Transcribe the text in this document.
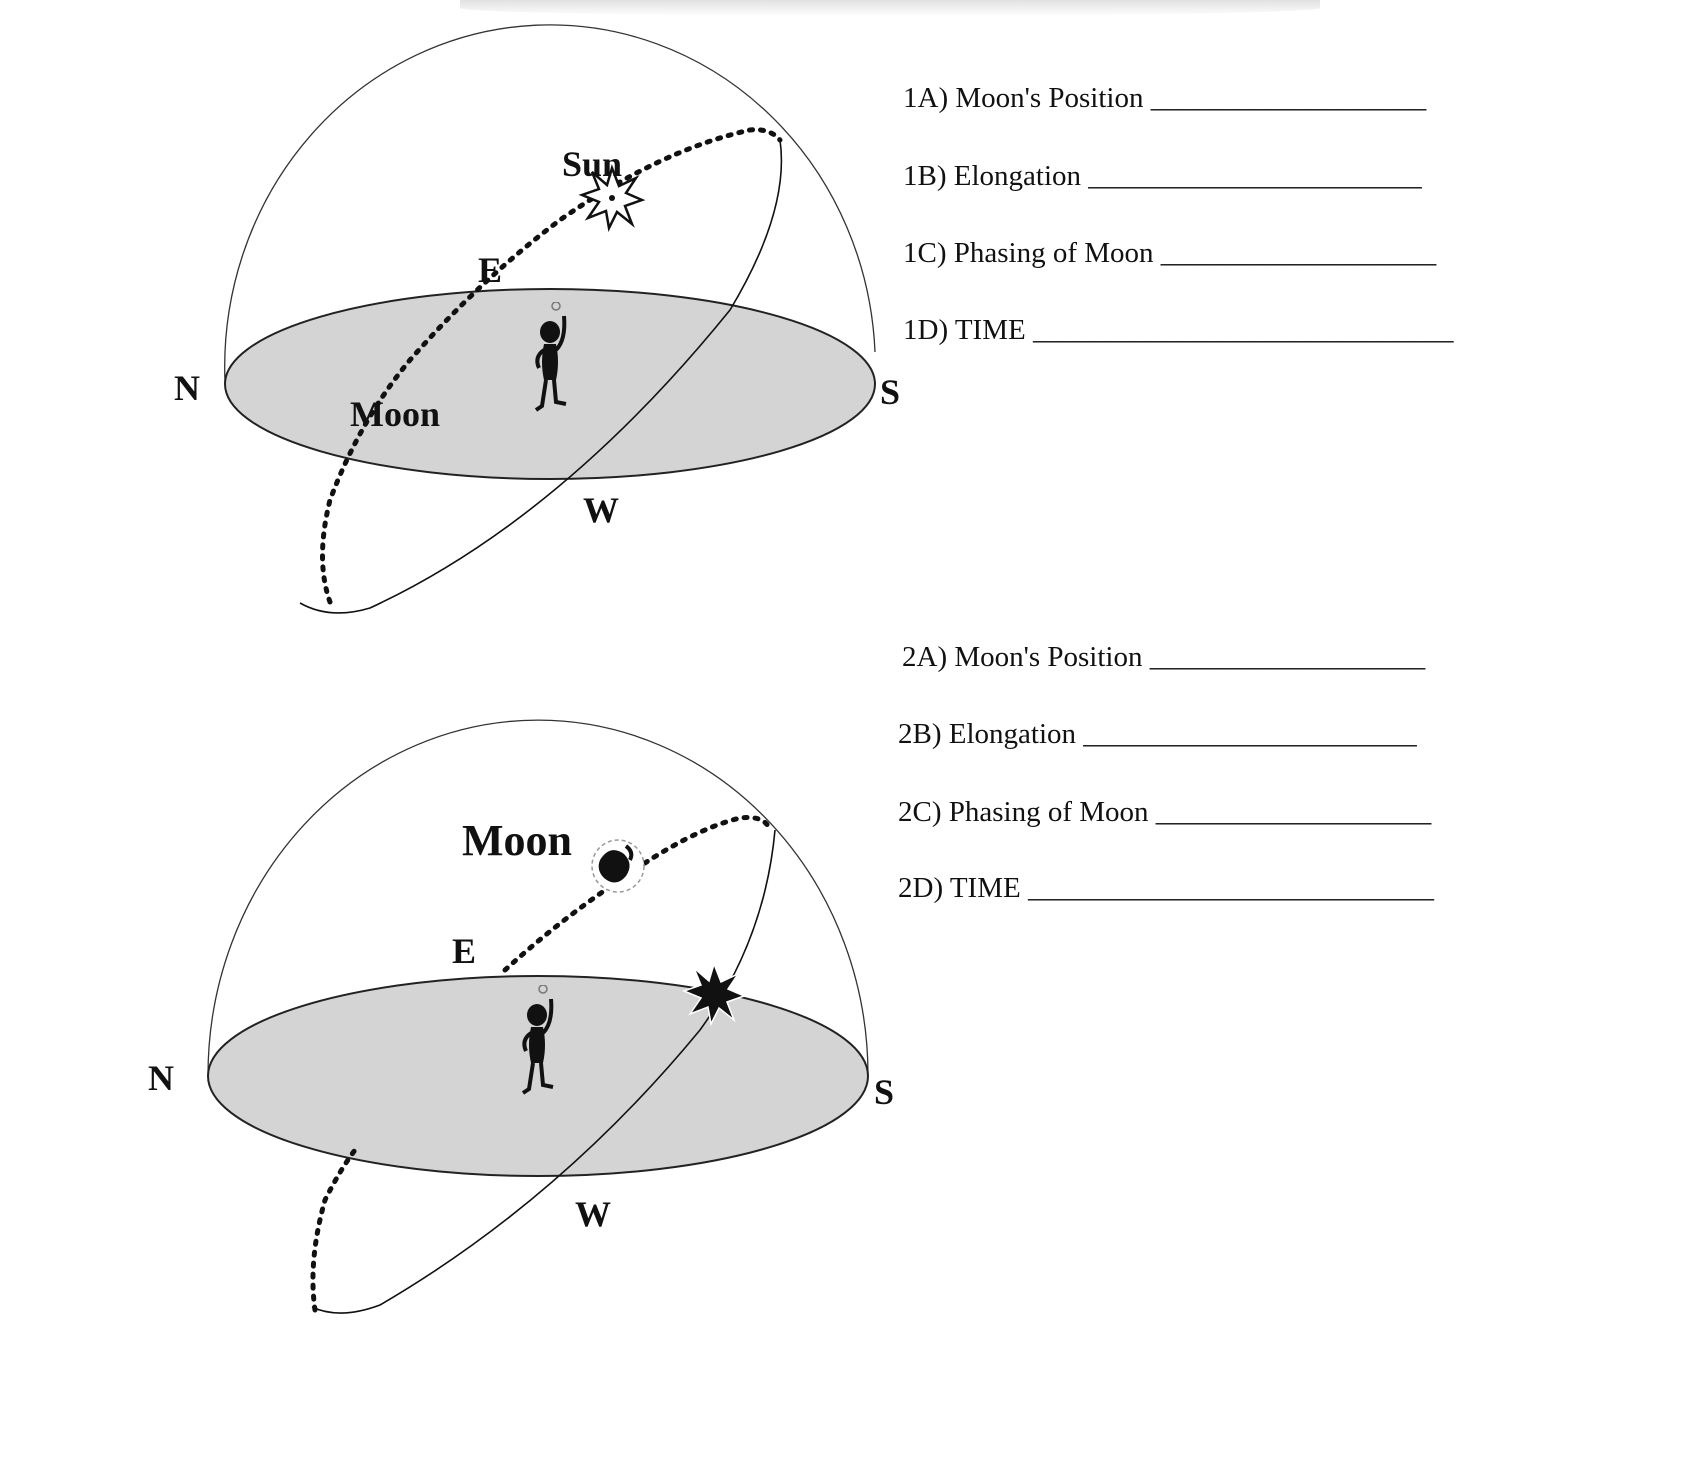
N	S
E
W
Sun
Moon
N	S
E
W
Moon
1A) Moon's Position ___________________
1B) Elongation _______________________
1C) Phasing of Moon ___________________
1D) TIME _____________________________
2A) Moon's Position ___________________
2B) Elongation _______________________
2C) Phasing of Moon ___________________
2D) TIME ____________________________
